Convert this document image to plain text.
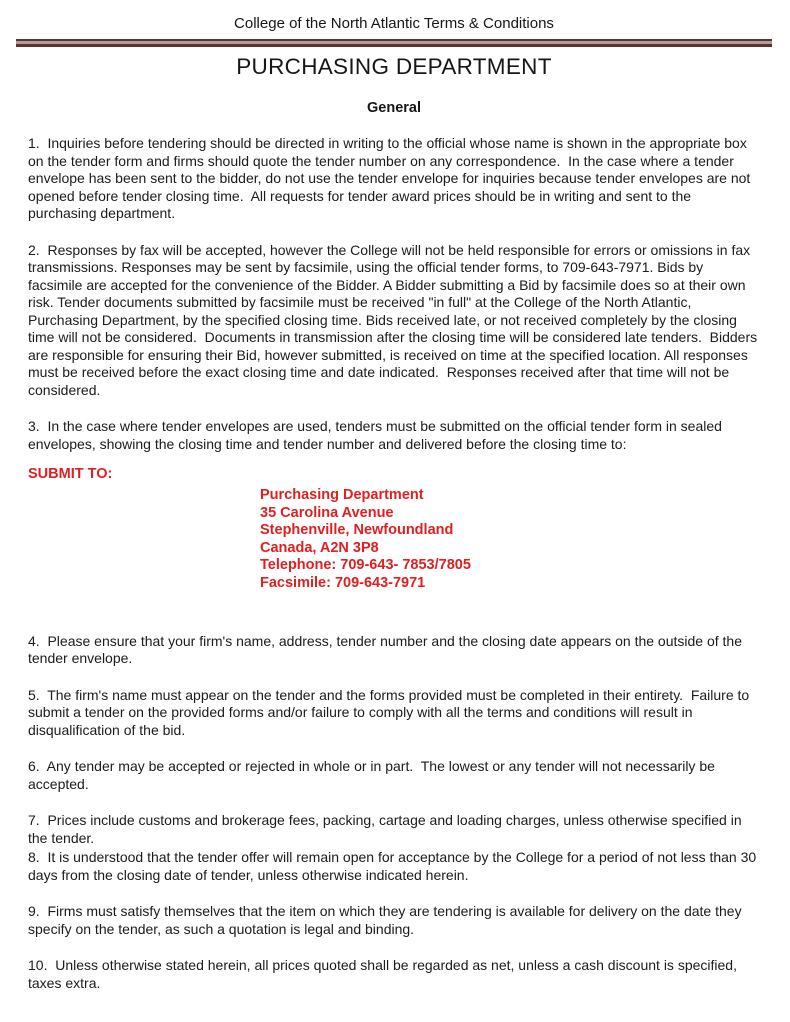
College of the North Atlantic Terms & Conditions
PURCHASING DEPARTMENT
General
1.  Inquiries before tendering should be directed in writing to the official whose name is shown in the appropriate box on the tender form and firms should quote the tender number on any correspondence.  In the case where a tender envelope has been sent to the bidder, do not use the tender envelope for inquiries because tender envelopes are not opened before tender closing time.  All requests for tender award prices should be in writing and sent to the purchasing department.
2.  Responses by fax will be accepted, however the College will not be held responsible for errors or omissions in fax transmissions. Responses may be sent by facsimile, using the official tender forms, to 709-643-7971. Bids by facsimile are accepted for the convenience of the Bidder. A Bidder submitting a Bid by facsimile does so at their own risk. Tender documents submitted by facsimile must be received "in full" at the College of the North Atlantic, Purchasing Department, by the specified closing time. Bids received late, or not received completely by the closing time will not be considered.  Documents in transmission after the closing time will be considered late tenders.  Bidders are responsible for ensuring their Bid, however submitted, is received on time at the specified location. All responses must be received before the exact closing time and date indicated.  Responses received after that time will not be considered.
3.  In the case where tender envelopes are used, tenders must be submitted on the official tender form in sealed envelopes, showing the closing time and tender number and delivered before the closing time to:
SUBMIT TO:
Purchasing Department
35 Carolina Avenue
Stephenville, Newfoundland
Canada, A2N 3P8
Telephone: 709-643- 7853/7805
Facsimile: 709-643-7971
4.  Please ensure that your firm's name, address, tender number and the closing date appears on the outside of the tender envelope.
5.  The firm's name must appear on the tender and the forms provided must be completed in their entirety.  Failure to submit a tender on the provided forms and/or failure to comply with all the terms and conditions will result in disqualification of the bid.
6.  Any tender may be accepted or rejected in whole or in part.  The lowest or any tender will not necessarily be accepted.
7.  Prices include customs and brokerage fees, packing, cartage and loading charges, unless otherwise specified in the tender.
8.  It is understood that the tender offer will remain open for acceptance by the College for a period of not less than 30 days from the closing date of tender, unless otherwise indicated herein.
9.  Firms must satisfy themselves that the item on which they are tendering is available for delivery on the date they specify on the tender, as such a quotation is legal and binding.
10.  Unless otherwise stated herein, all prices quoted shall be regarded as net, unless a cash discount is specified, taxes extra.
